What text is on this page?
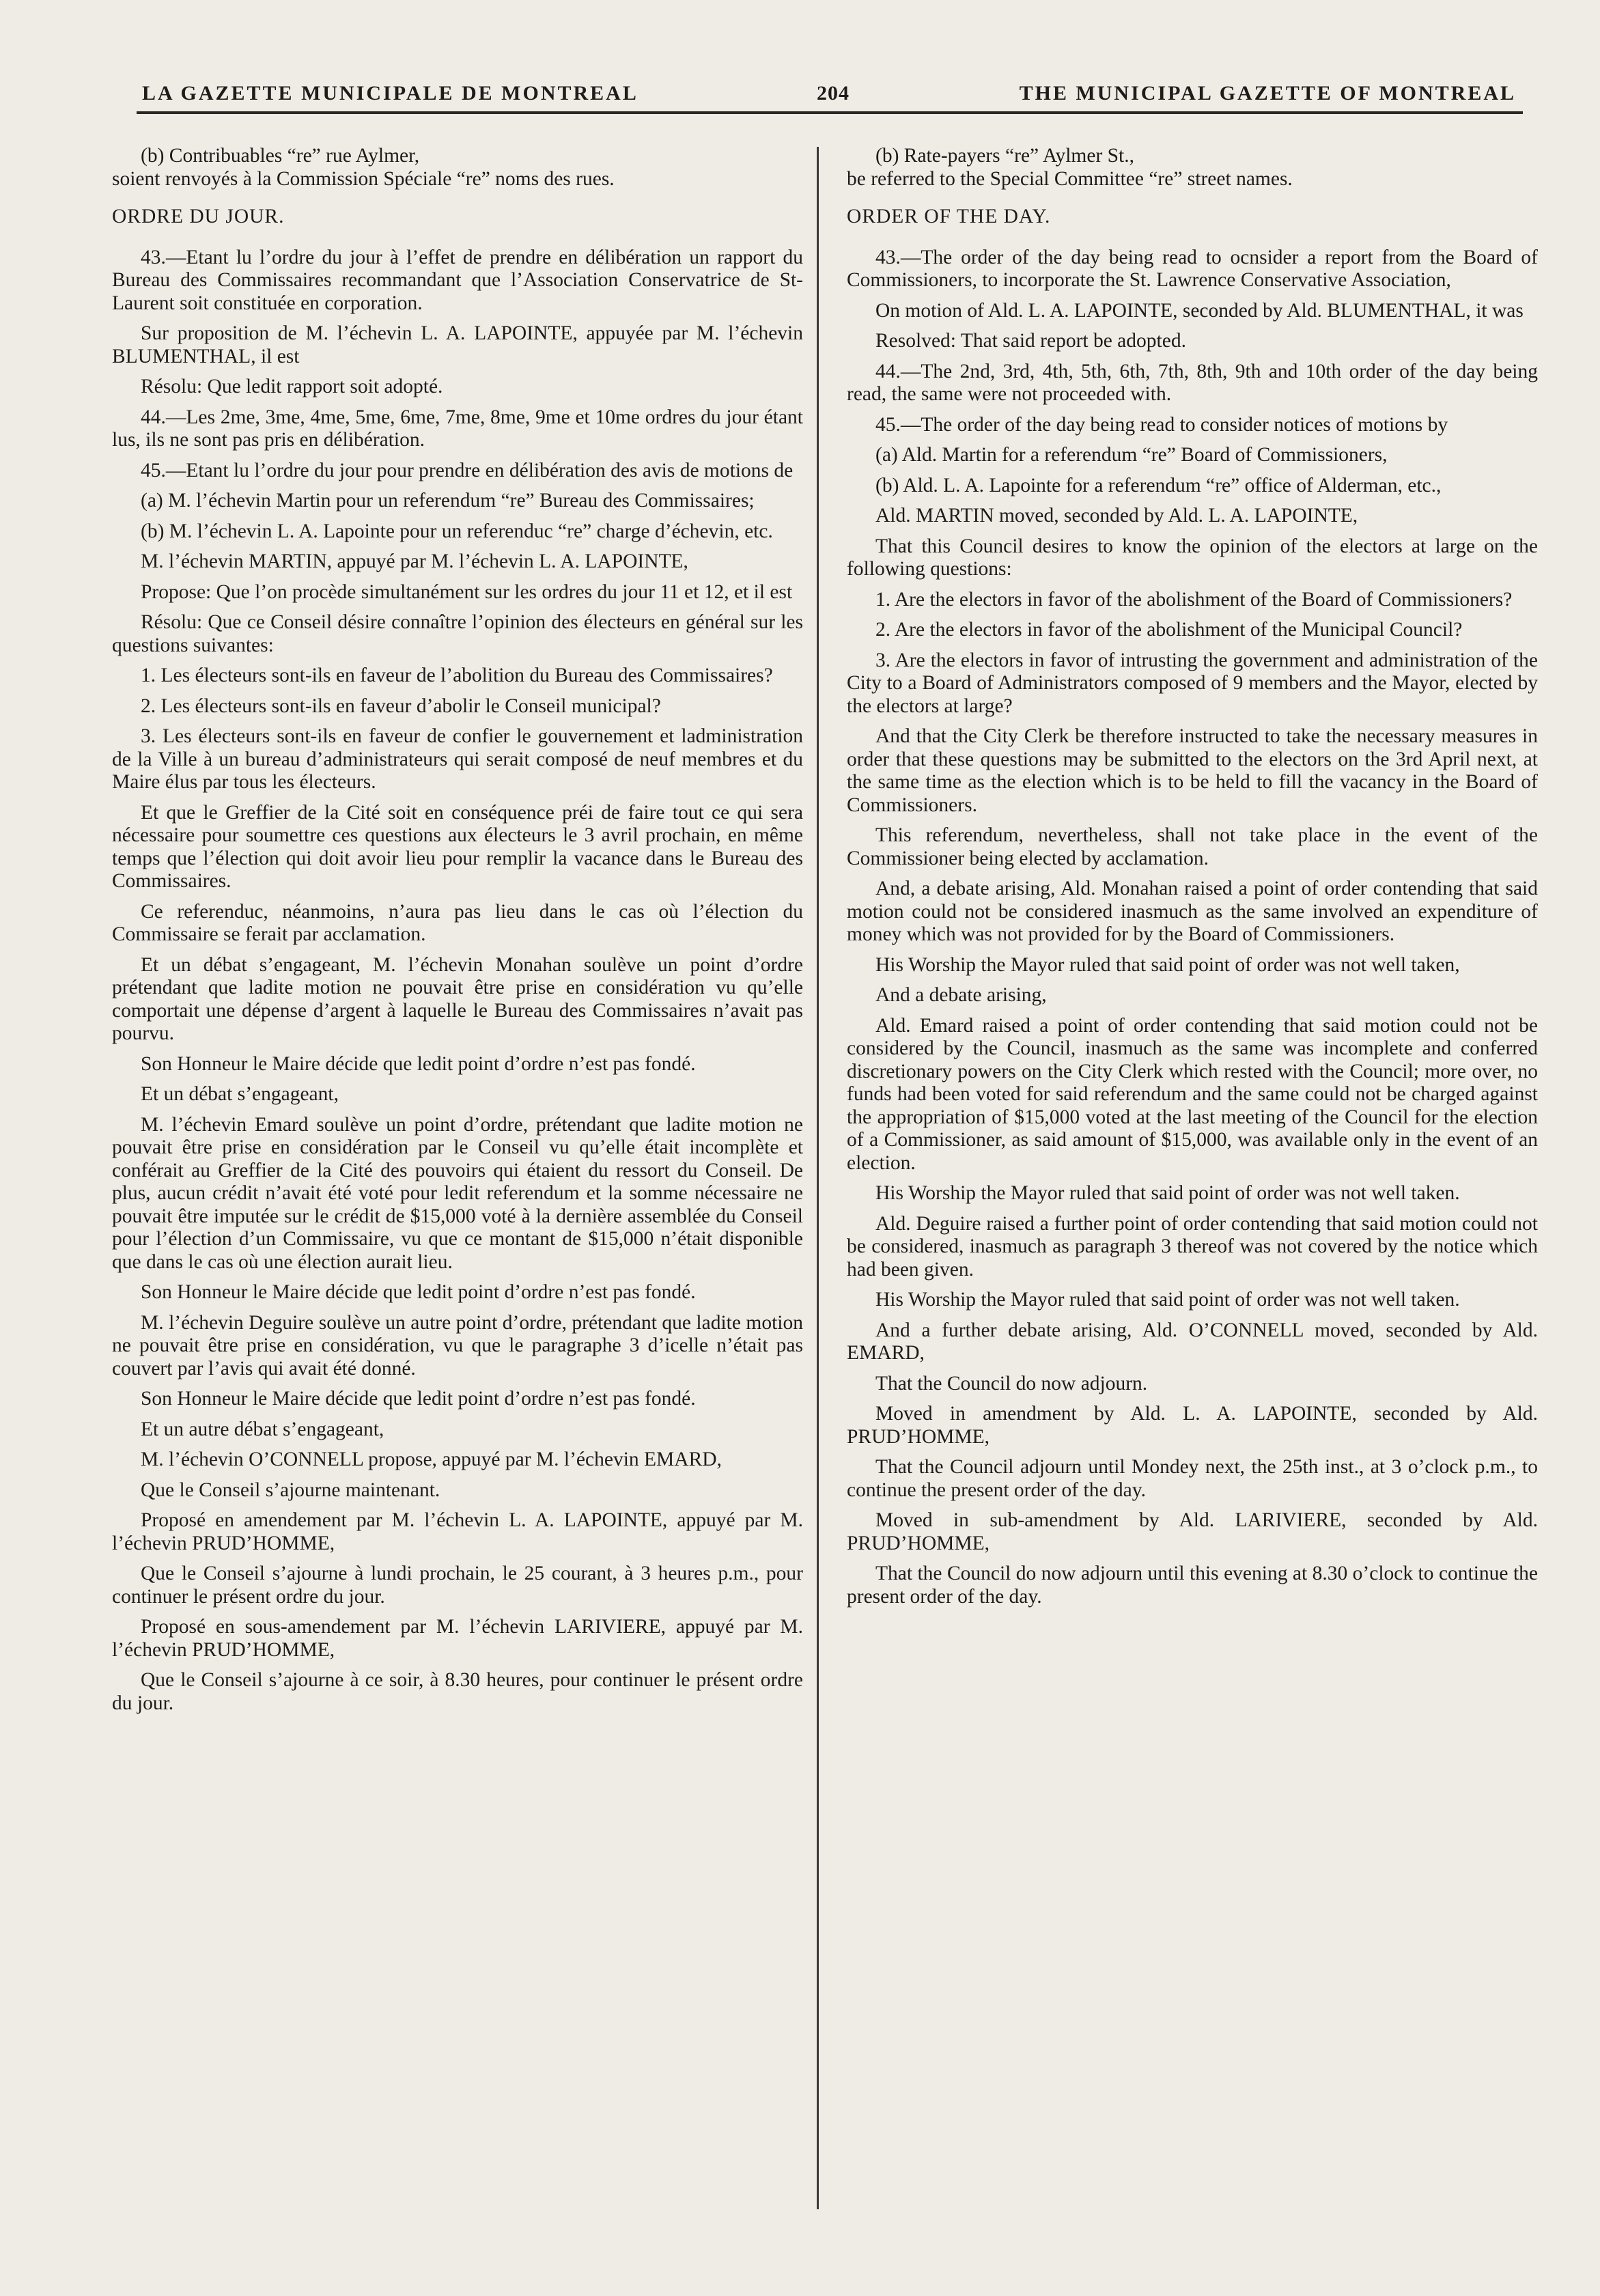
LA GAZETTE MUNICIPALE DE MONTREAL	204	THE MUNICIPAL GAZETTE OF MONTREAL

(b) Contribuables “re” rue Aylmer,

soient renvoyés à la Commission Spéciale “re” noms des rues.

ORDRE DU JOUR.

43.—Etant lu l’ordre du jour à l’effet de prendre en délibération un rapport du Bureau des Commissaires recommandant que l’Association Conservatrice de St-Laurent soit constituée en corporation.

Sur proposition de M. l’échevin L. A. LAPOINTE, appuyée par M. l’échevin BLUMENTHAL, il est

Résolu: Que ledit rapport soit adopté.

44.—Les 2me, 3me, 4me, 5me, 6me, 7me, 8me, 9me et 10me ordres du jour étant lus, ils ne sont pas pris en délibération.

45.—Etant lu l’ordre du jour pour prendre en délibération des avis de motions de

(a) M. l’échevin Martin pour un referendum “re” Bureau des Commissaires;

(b) M. l’échevin L. A. Lapointe pour un referenduc “re” charge d’échevin, etc.

M. l’échevin MARTIN, appuyé par M. l’échevin L. A. LAPOINTE,

Propose: Que l’on procède simultanément sur les ordres du jour 11 et 12, et il est

Résolu: Que ce Conseil désire connaître l’opinion des électeurs en général sur les questions suivantes:

1. Les électeurs sont-ils en faveur de l’abolition du Bureau des Commissaires?

2. Les électeurs sont-ils en faveur d’abolir le Conseil municipal?

3. Les électeurs sont-ils en faveur de confier le gouvernement et ladministration de la Ville à un bureau d’administrateurs qui serait composé de neuf membres et du Maire élus par tous les électeurs.

Et que le Greffier de la Cité soit en conséquence préi de faire tout ce qui sera nécessaire pour soumettre ces questions aux électeurs le 3 avril prochain, en même temps que l’élection qui doit avoir lieu pour remplir la vacance dans le Bureau des Commissaires.

Ce referenduc, néanmoins, n’aura pas lieu dans le cas où l’élection du Commissaire se ferait par acclamation.

Et un débat s’engageant, M. l’échevin Monahan soulève un point d’ordre prétendant que ladite motion ne pouvait être prise en considération vu qu’elle comportait une dépense d’argent à laquelle le Bureau des Commissaires n’avait pas pourvu.

Son Honneur le Maire décide que ledit point d’ordre n’est pas fondé.

Et un débat s’engageant,

M. l’échevin Emard soulève un point d’ordre, prétendant que ladite motion ne pouvait être prise en considération par le Conseil vu qu’elle était incomplète et conférait au Greffier de la Cité des pouvoirs qui étaient du ressort du Conseil. De plus, aucun crédit n’avait été voté pour ledit referendum et la somme nécessaire ne pouvait être imputée sur le crédit de $15,000 voté à la dernière assemblée du Conseil pour l’élection d’un Commissaire, vu que ce montant de $15,000 n’était disponible que dans le cas où une élection aurait lieu.

Son Honneur le Maire décide que ledit point d’ordre n’est pas fondé.

M. l’échevin Deguire soulève un autre point d’ordre, prétendant que ladite motion ne pouvait être prise en considération, vu que le paragraphe 3 d’icelle n’était pas couvert par l’avis qui avait été donné.

Son Honneur le Maire décide que ledit point d’ordre n’est pas fondé.

Et un autre débat s’engageant,

M. l’échevin O’CONNELL propose, appuyé par M. l’échevin EMARD,

Que le Conseil s’ajourne maintenant.

Proposé en amendement par M. l’échevin L. A. LAPOINTE, appuyé par M. l’échevin PRUD’HOMME,

Que le Conseil s’ajourne à lundi prochain, le 25 courant, à 3 heures p.m., pour continuer le présent ordre du jour.

Proposé en sous-amendement par M. l’échevin LARIVIERE, appuyé par M. l’échevin PRUD’HOMME,

Que le Conseil s’ajourne à ce soir, à 8.30 heures, pour continuer le présent ordre du jour.

(b) Rate-payers “re” Aylmer St.,

be referred to the Special Committee “re” street names.

ORDER OF THE DAY.

43.—The order of the day being read to ocnsider a report from the Board of Commissioners, to incorporate the St. Lawrence Conservative Association,

On motion of Ald. L. A. LAPOINTE, seconded by Ald. BLUMENTHAL, it was

Resolved: That said report be adopted.

44.—The 2nd, 3rd, 4th, 5th, 6th, 7th, 8th, 9th and 10th order of the day being read, the same were not proceeded with.

45.—The order of the day being read to consider notices of motions by

(a) Ald. Martin for a referendum “re” Board of Commissioners,

(b) Ald. L. A. Lapointe for a referendum “re” office of Alderman, etc.,

Ald. MARTIN moved, seconded by Ald. L. A. LAPOINTE,

That this Council desires to know the opinion of the electors at large on the following questions:

1. Are the electors in favor of the abolishment of the Board of Commissioners?

2. Are the electors in favor of the abolishment of the Municipal Council?

3. Are the electors in favor of intrusting the government and administration of the City to a Board of Administrators composed of 9 members and the Mayor, elected by the electors at large?

And that the City Clerk be therefore instructed to take the necessary measures in order that these questions may be submitted to the electors on the 3rd April next, at the same time as the election which is to be held to fill the vacancy in the Board of Commissioners.

This referendum, nevertheless, shall not take place in the event of the Commissioner being elected by acclamation.

And, a debate arising, Ald. Monahan raised a point of order contending that said motion could not be considered inasmuch as the same involved an expenditure of money which was not provided for by the Board of Commissioners.

His Worship the Mayor ruled that said point of order was not well taken,

And a debate arising,

Ald. Emard raised a point of order contending that said motion could not be considered by the Council, inasmuch as the same was incomplete and conferred discretionary powers on the City Clerk which rested with the Council; more over, no funds had been voted for said referendum and the same could not be charged against the appropriation of $15,000 voted at the last meeting of the Council for the election of a Commissioner, as said amount of $15,000, was available only in the event of an election.

His Worship the Mayor ruled that said point of order was not well taken.

Ald. Deguire raised a further point of order contending that said motion could not be considered, inasmuch as paragraph 3 thereof was not covered by the notice which had been given.

His Worship the Mayor ruled that said point of order was not well taken.

And a further debate arising, Ald. O’CONNELL moved, seconded by Ald. EMARD,

That the Council do now adjourn.

Moved in amendment by Ald. L. A. LAPOINTE, seconded by Ald. PRUD’HOMME,

That the Council adjourn until Mondey next, the 25th inst., at 3 o’clock p.m., to continue the present order of the day.

Moved in sub-amendment by Ald. LARIVIERE, seconded by Ald. PRUD’HOMME,

That the Council do now adjourn until this evening at 8.30 o’clock to continue the present order of the day.
